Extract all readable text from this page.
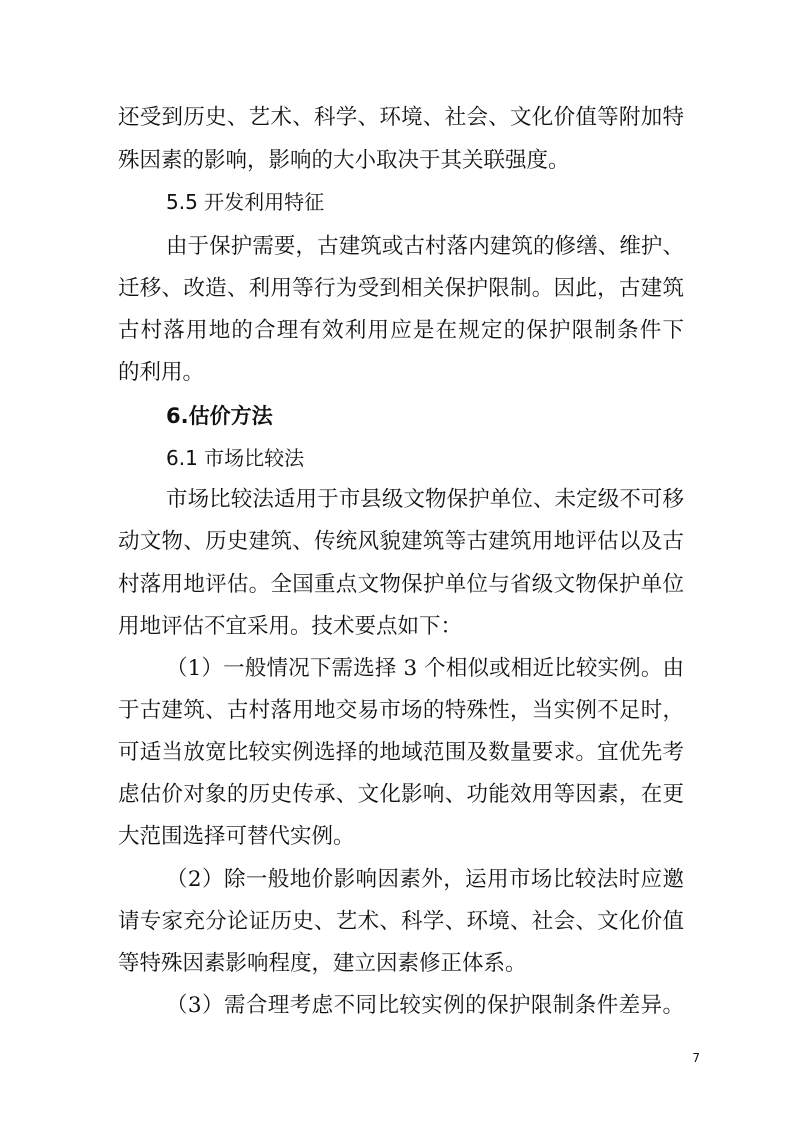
还受到历史、艺术、科学、环境、社会、文化价值等附加特

殊因素的影响，影响的大小取决于其关联强度。

5.5 开发利用特征

由于保护需要，古建筑或古村落内建筑的修缮、维护、

迁移、改造、利用等行为受到相关保护限制。因此，古建筑

古村落用地的合理有效利用应是在规定的保护限制条件下

的利用。

6.估价方法

6.1 市场比较法

市场比较法适用于市县级文物保护单位、未定级不可移

动文物、历史建筑、传统风貌建筑等古建筑用地评估以及古

村落用地评估。全国重点文物保护单位与省级文物保护单位

用地评估不宜采用。技术要点如下：

（1）一般情况下需选择 3 个相似或相近比较实例。由

于古建筑、古村落用地交易市场的特殊性，当实例不足时，

可适当放宽比较实例选择的地域范围及数量要求。宜优先考

虑估价对象的历史传承、文化影响、功能效用等因素，在更

大范围选择可替代实例。

（2）除一般地价影响因素外，运用市场比较法时应邀

请专家充分论证历史、艺术、科学、环境、社会、文化价值

等特殊因素影响程度，建立因素修正体系。

（3）需合理考虑不同比较实例的保护限制条件差异。

7
